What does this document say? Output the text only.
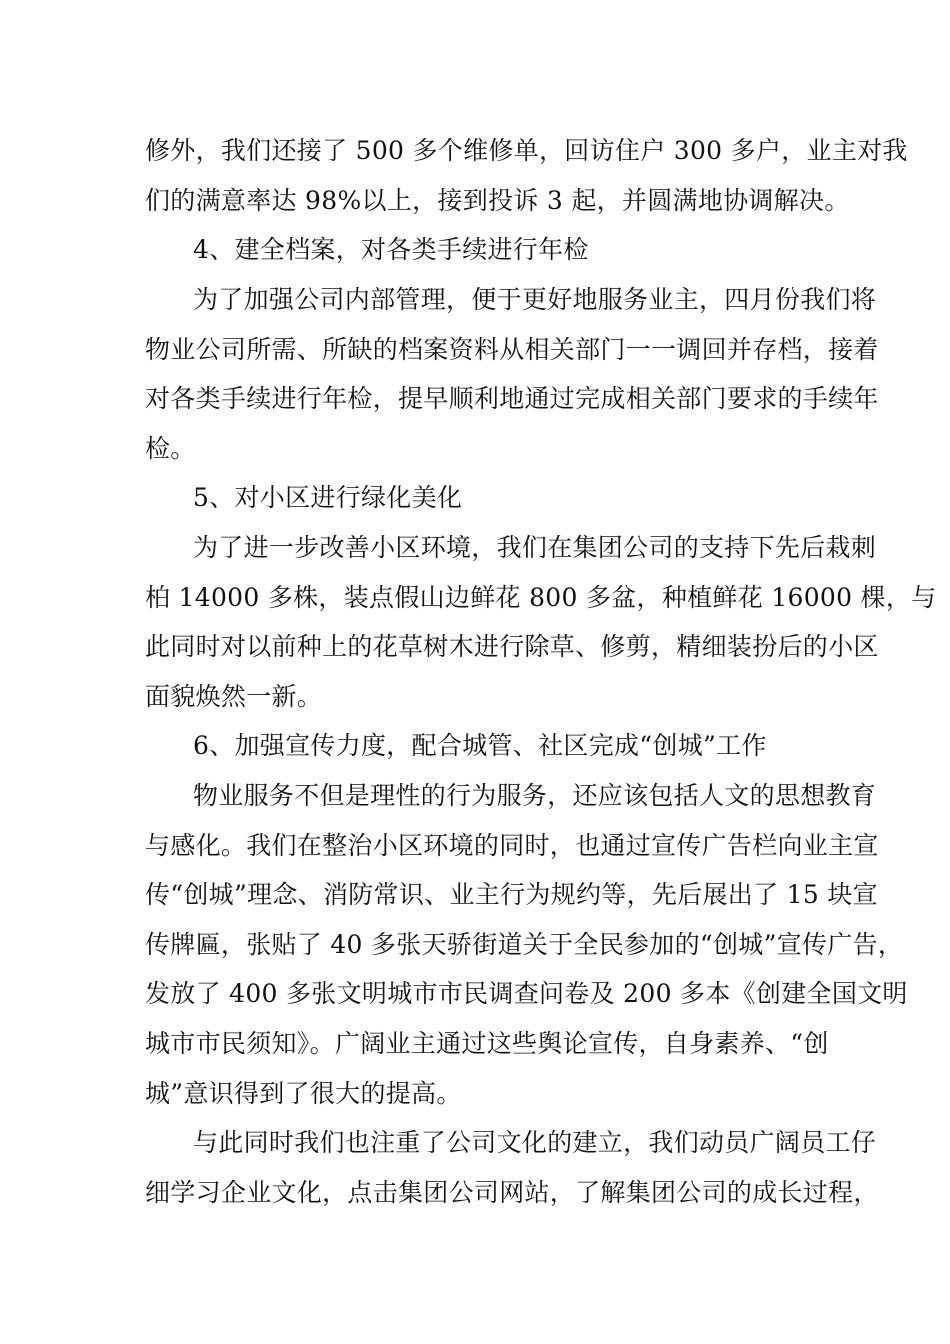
修外，我们还接了 500 多个维修单，回访住户 300 多户，业主对我
们的满意率达 98%以上，接到投诉 3 起，并圆满地协调解决。
4、建全档案，对各类手续进行年检
为了加强公司内部管理，便于更好地服务业主，四月份我们将
物业公司所需、所缺的档案资料从相关部门一一调回并存档，接着
对各类手续进行年检，提早顺利地通过完成相关部门要求的手续年
检。
5、对小区进行绿化美化
为了进一步改善小区环境，我们在集团公司的支持下先后栽刺
柏 14000 多株，装点假山边鲜花 800 多盆，种植鲜花 16000 棵，与
此同时对以前种上的花草树木进行除草、修剪，精细装扮后的小区
面貌焕然一新。
6、加强宣传力度，配合城管、社区完成“创城”工作
物业服务不但是理性的行为服务，还应该包括人文的思想教育
与感化。我们在整治小区环境的同时，也通过宣传广告栏向业主宣
传“创城”理念、消防常识、业主行为规约等，先后展出了 15 块宣
传牌匾，张贴了 40 多张天骄街道关于全民参加的“创城”宣传广告，
发放了 400 多张文明城市市民调查问卷及 200 多本《创建全国文明
城市市民须知》。广阔业主通过这些舆论宣传，自身素养、“创
城”意识得到了很大的提高。
与此同时我们也注重了公司文化的建立，我们动员广阔员工仔
细学习企业文化，点击集团公司网站，了解集团公司的成长过程，
